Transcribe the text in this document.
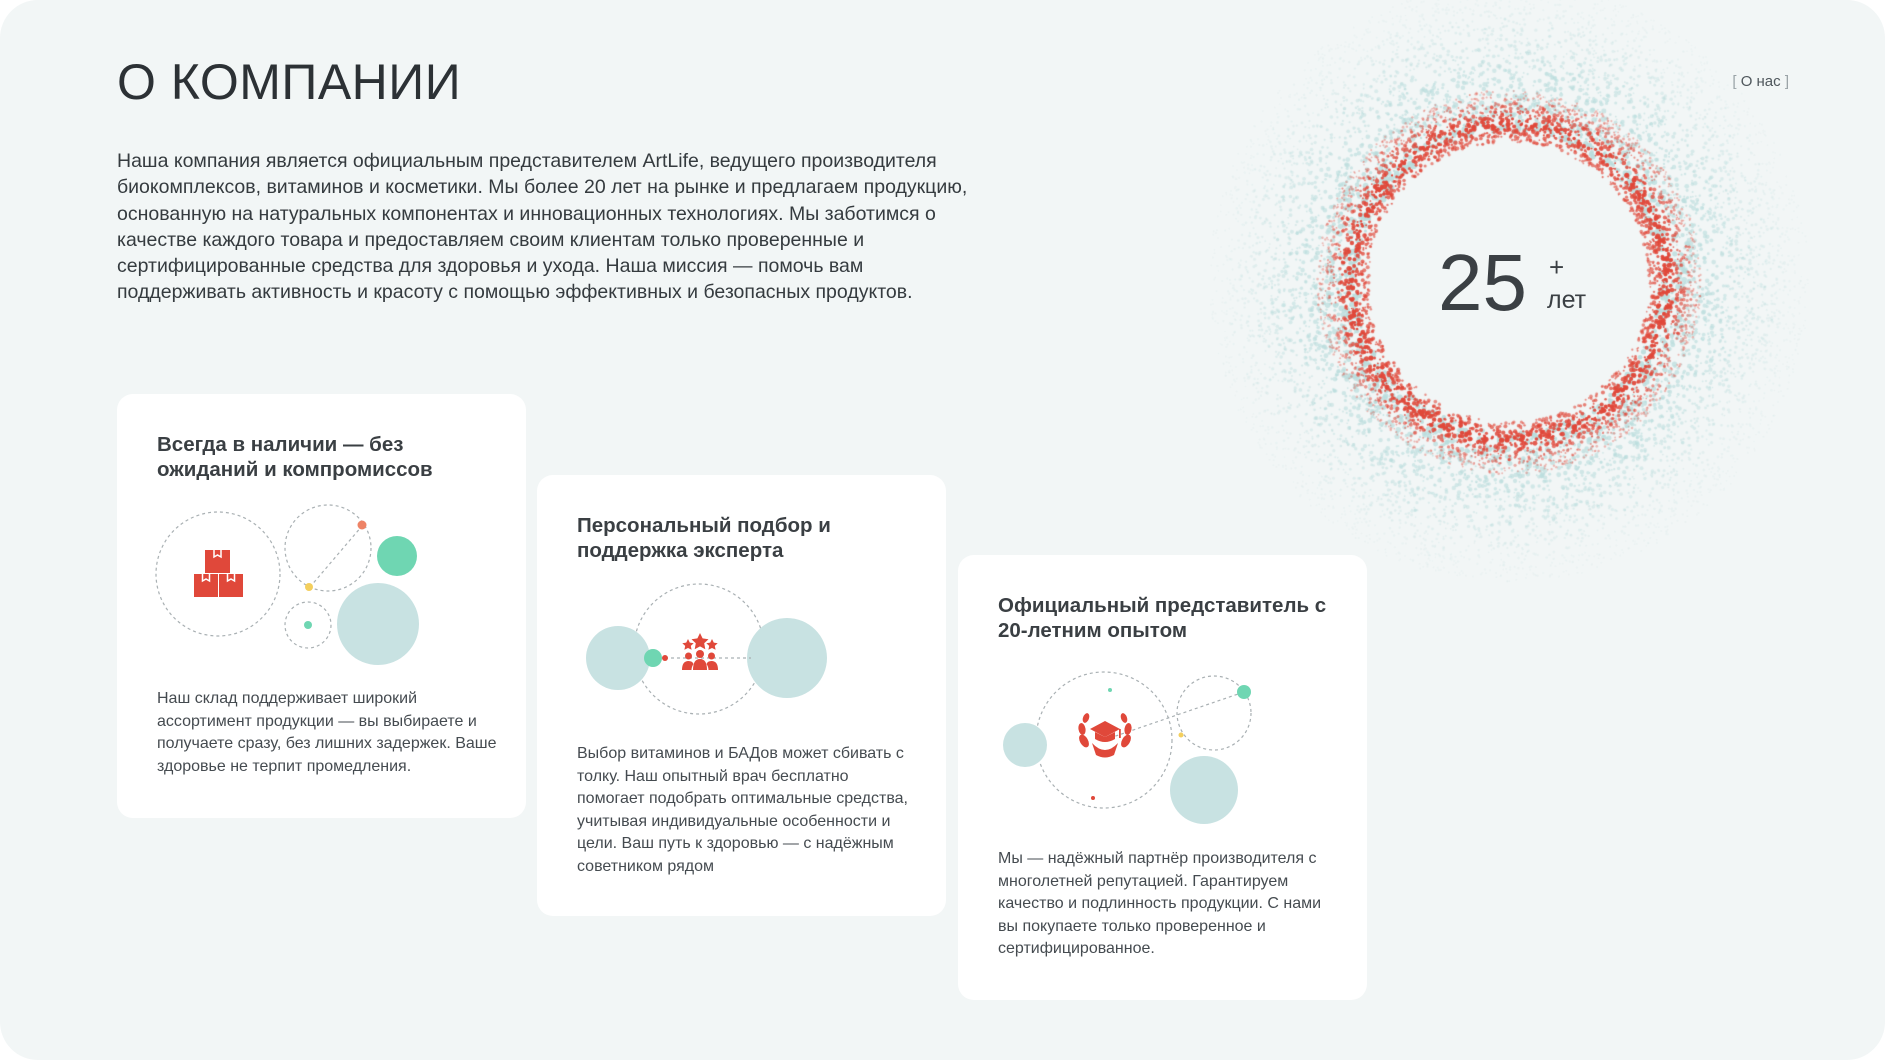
О КОМПАНИИ

Наша компания является официальным представителем ArtLife, ведущего производителя биокомплексов, витаминов и косметики. Мы более 20 лет на рынке и предлагаем продукцию, основанную на натуральных компонентах и инновационных технологиях. Мы заботимся о качестве каждого товара и предоставляем своим клиентам только проверенные и сертифицированные средства для здоровья и ухода. Наша миссия — помочь вам поддерживать активность и красоту с помощью эффективных и безопасных продуктов.	25 +
лет
Всегда в наличии — без ожиданий и компромиссов

Наш склад поддерживает широкий ассортимент продукции — вы выбираете и получаете сразу, без лишних задержек. Ваше здоровье не терпит промедления.

Персональный подбор и поддержка эксперта

Выбор витаминов и БАДов может сбивать с толку. Наш опытный врач бесплатно помогает подобрать оптимальные средства, учитывая индивидуальные особенности и цели. Ваш путь к здоровью — с надёжным советником рядом

Официальный представитель с 20-летним опытом

Мы — надёжный партнёр производителя с многолетней репутацией. Гарантируем качество и подлинность продукции. С нами вы покупаете только проверенное и сертифицированное.
